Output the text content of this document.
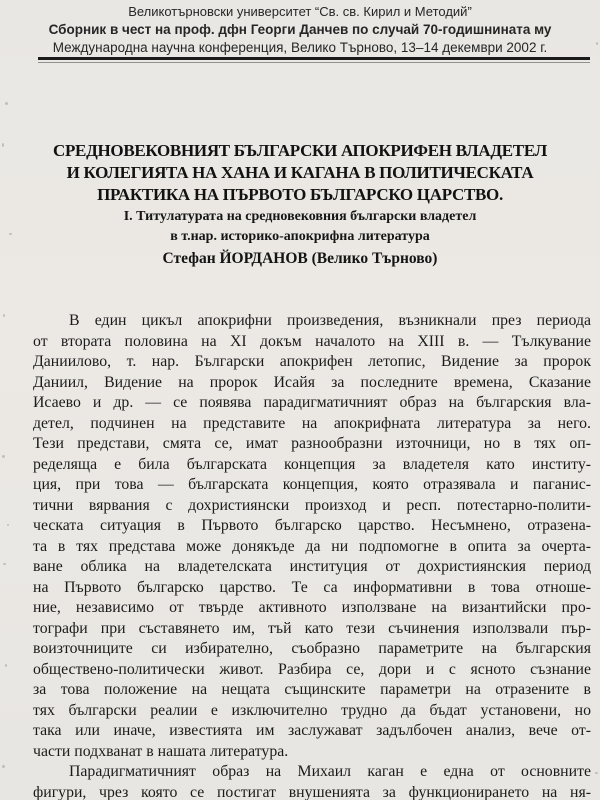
Великотърновски университет “Св. св. Кирил и Методий”
Сборник в чест на проф. дфн Георги Данчев по случай 70-годишнината му
Международна научна конференция, Велико Търново, 13–14 декември 2002 г.
СРЕДНОВЕКОВНИЯТ БЪЛГАРСКИ АПОКРИФЕН ВЛАДЕТЕЛ
И КОЛЕГИЯТА НА ХАНА И КАГАНА В ПОЛИТИЧЕСКАТА
ПРАКТИКА НА ПЪРВОТО БЪЛГАРСКО ЦАРСТВО.
I. Титулатурата на средновековния български владетел
в т.нар. историко-апокрифна литература
Стефан ЙОРДАНОВ (Велико Търново)
В един цикъл апокрифни произведения, възникнали през периода
от втората половина на XI докъм началото на XIII в. — Тълкувание
Даниилово, т. нар. Български апокрифен летопис, Видение за пророк
Даниил, Видение на пророк Исайя за последните времена, Сказание
Исаево и др. — се появява парадигматичният образ на българския вла-
детел, подчинен на представите на апокрифната литература за него.
Тези представи, смята се, имат разнообразни източници, но в тях оп-
ределяща е била българската концепция за владетеля като институ-
ция, при това — българската концепция, която отразявала и паганис-
тични вярвания с дохристиянски произход и респ. потестарно-полити-
ческата ситуация в Първото българско царство. Несъмнено, отразена-
та в тях представа може донякъде да ни подпомогне в опита за очерта-
ване облика на владетелската институция от дохристиянския период
на Първото българско царство. Те са информативни в това отноше-
ние, независимо от твърде активното използване на византийски про-
тографи при съставянето им, тъй като тези съчинения използвали пър-
воизточниците си избирателно, съобразно параметрите на българския
обществено-политически живот. Разбира се, дори и с ясното съзнание
за това положение на нещата същинските параметри на отразените в
тях български реалии е изключително трудно да бъдат установени, но
така или иначе, известията им заслужават задълбочен анализ, вече от-
части подхванат в нашата литература.
Парадигматичният образ на Михаил каган е една от основните
фигури, чрез която се постигат внушенията за функционирането на ня-
